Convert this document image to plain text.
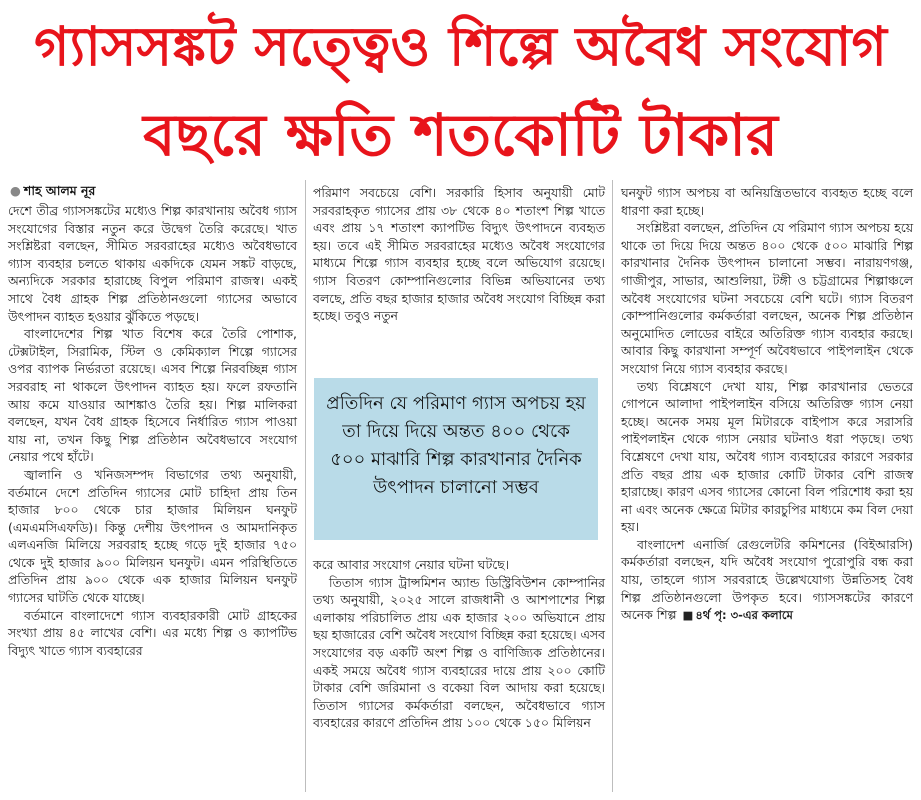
গ্যাসসঙ্কট সত্ত্বেও শিল্পে অবৈধ সংযোগ
বছরে ক্ষতি শতকোটি টাকার
● শাহ আলম নূর

দেশে তীব্র গ্যাসসঙ্কটের মধ্যেও শিল্প কারখানায় অবৈধ গ্যাস সংযোগের বিস্তার নতুন করে উদ্বেগ তৈরি করেছে। খাত সংশ্লিষ্টরা বলছেন, সীমিত সরবরাহের মধ্যেও অবৈধভাবে গ্যাস ব্যবহার চলতে থাকায় একদিকে যেমন সঙ্কট বাড়ছে, অন্যদিকে সরকার হারাচ্ছে বিপুল পরিমাণ রাজস্ব। একই সাথে বৈধ গ্রাহক শিল্প প্রতিষ্ঠানগুলো গ্যাসের অভাবে উৎপাদন ব্যাহত হওয়ার ঝুঁকিতে পড়ছে।

বাংলাদেশের শিল্প খাত বিশেষ করে তৈরি পোশাক, টেক্সটাইল, সিরামিক, স্টিল ও কেমিক্যাল শিল্পে গ্যাসের ওপর ব্যাপক নির্ভরতা রয়েছে। এসব শিল্পে নিরবচ্ছিন্ন গ্যাস সরবরাহ না থাকলে উৎপাদন ব্যাহত হয়। ফলে রফতানি আয় কমে যাওয়ার আশঙ্কাও তৈরি হয়। শিল্প মালিকরা বলছেন, যখন বৈধ গ্রাহক হিসেবে নির্ধারিত গ্যাস পাওয়া যায় না, তখন কিছু শিল্প প্রতিষ্ঠান অবৈধভাবে সংযোগ নেয়ার পথে হাঁটে।

জ্বালানি ও খনিজসম্পদ বিভাগের তথ্য অনুযায়ী, বর্তমানে দেশে প্রতিদিন গ্যাসের মোট চাহিদা প্রায় তিন হাজার ৮০০ থেকে চার হাজার মিলিয়ন ঘনফুট (এমএমসিএফডি)। কিন্তু দেশীয় উৎপাদন ও আমদানিকৃত এলএনজি মিলিয়ে সরবরাহ হচ্ছে গড়ে দুই হাজার ৭৫০ থেকে দুই হাজার ৯০০ মিলিয়ন ঘনফুট। এমন পরিস্থিতিতে প্রতিদিন প্রায় ৯০০ থেকে এক হাজার মিলিয়ন ঘনফুট গ্যাসের ঘাটতি থেকে যাচ্ছে।

বর্তমানে বাংলাদেশে গ্যাস ব্যবহারকারী মোট গ্রাহকের সংখ্যা প্রায় ৪৫ লাখের বেশি। এর মধ্যে শিল্প ও ক্যাপটিভ বিদ্যুৎ খাতে গ্যাস ব্যবহারের

পরিমাণ সবচেয়ে বেশি। সরকারি হিসাব অনুযায়ী মোট সরবরাহকৃত গ্যাসের প্রায় ৩৮ থেকে ৪০ শতাংশ শিল্প খাতে এবং প্রায় ১৭ শতাংশ ক্যাপটিভ বিদ্যুৎ উৎপাদনে ব্যবহৃত হয়। তবে এই সীমিত সরবরাহের মধ্যেও অবৈধ সংযোগের মাধ্যমে শিল্পে গ্যাস ব্যবহার হচ্ছে বলে অভিযোগ রয়েছে। গ্যাস বিতরণ কোম্পানিগুলোর বিভিন্ন অভিযানের তথ্য বলছে, প্রতি বছর হাজার হাজার অবৈধ সংযোগ বিচ্ছিন্ন করা হচ্ছে। তবুও নতুন

প্রতিদিন যে পরিমাণ গ্যাস অপচয় হয় তা দিয়ে দিয়ে অন্তত ৪০০ থেকে ৫০০ মাঝারি শিল্প কারখানার দৈনিক উৎপাদন চালানো সম্ভব

করে আবার সংযোগ নেয়ার ঘটনা ঘটছে।

তিতাস গ্যাস ট্রান্সমিশন অ্যান্ড ডিস্ট্রিবিউশন কোম্পানির তথ্য অনুযায়ী, ২০২৫ সালে রাজধানী ও আশপাশের শিল্প এলাকায় পরিচালিত প্রায় এক হাজার ২০০ অভিযানে প্রায় ছয় হাজারের বেশি অবৈধ সংযোগ বিচ্ছিন্ন করা হয়েছে। এসব সংযোগের বড় একটি অংশ শিল্প ও বাণিজ্যিক প্রতিষ্ঠানের। একই সময়ে অবৈধ গ্যাস ব্যবহারের দায়ে প্রায় ২০০ কোটি টাকার বেশি জরিমানা ও বকেয়া বিল আদায় করা হয়েছে। তিতাস গ্যাসের কর্মকর্তারা বলছেন, অবৈধভাবে গ্যাস ব্যবহারের কারণে প্রতিদিন প্রায় ১০০ থেকে ১৫০ মিলিয়ন

ঘনফুট গ্যাস অপচয় বা অনিয়ন্ত্রিতভাবে ব্যবহৃত হচ্ছে বলে ধারণা করা হচ্ছে।

সংশ্লিষ্টরা বলছেন, প্রতিদিন যে পরিমাণ গ্যাস অপচয় হয়ে থাকে তা দিয়ে দিয়ে অন্তত ৪০০ থেকে ৫০০ মাঝারি শিল্প কারখানার দৈনিক উৎপাদন চালানো সম্ভব। নারায়ণগঞ্জ, গাজীপুর, সাভার, আশুলিয়া, টঙ্গী ও চট্টগ্রামের শিল্পাঞ্চলে অবৈধ সংযোগের ঘটনা সবচেয়ে বেশি ঘটে। গ্যাস বিতরণ কোম্পানিগুলোর কর্মকর্তারা বলছেন, অনেক শিল্প প্রতিষ্ঠান অনুমোদিত লোডের বাইরে অতিরিক্ত গ্যাস ব্যবহার করছে। আবার কিছু কারখানা সম্পূর্ণ অবৈধভাবে পাইপলাইন থেকে সংযোগ নিয়ে গ্যাস ব্যবহার করছে।

তথ্য বিশ্লেষণে দেখা যায়, শিল্প কারখানার ভেতরে গোপনে আলাদা পাইপলাইন বসিয়ে অতিরিক্ত গ্যাস নেয়া হচ্ছে। অনেক সময় মূল মিটারকে বাইপাস করে সরাসরি পাইপলাইন থেকে গ্যাস নেয়ার ঘটনাও ধরা পড়ছে। তথ্য বিশ্লেষণে দেখা যায়, অবৈধ গ্যাস ব্যবহারের কারণে সরকার প্রতি বছর প্রায় এক হাজার কোটি টাকার বেশি রাজস্ব হারাচ্ছে। কারণ এসব গ্যাসের কোনো বিল পরিশোধ করা হয় না এবং অনেক ক্ষেত্রে মিটার কারচুপির মাধ্যমে কম বিল দেয়া হয়।

বাংলাদেশ এনার্জি রেগুলেটরি কমিশনের (বিইআরসি) কর্মকর্তারা বলছেন, যদি অবৈধ সংযোগ পুরোপুরি বন্ধ করা যায়, তাহলে গ্যাস সরবরাহে উল্লেখযোগ্য উন্নতিসহ বৈধ শিল্প প্রতিষ্ঠানগুলো উপকৃত হবে। গ্যাসসঙ্কটের কারণে অনেক শিল্প ■ ৪র্থ পৃ: ৩-এর কলামে
